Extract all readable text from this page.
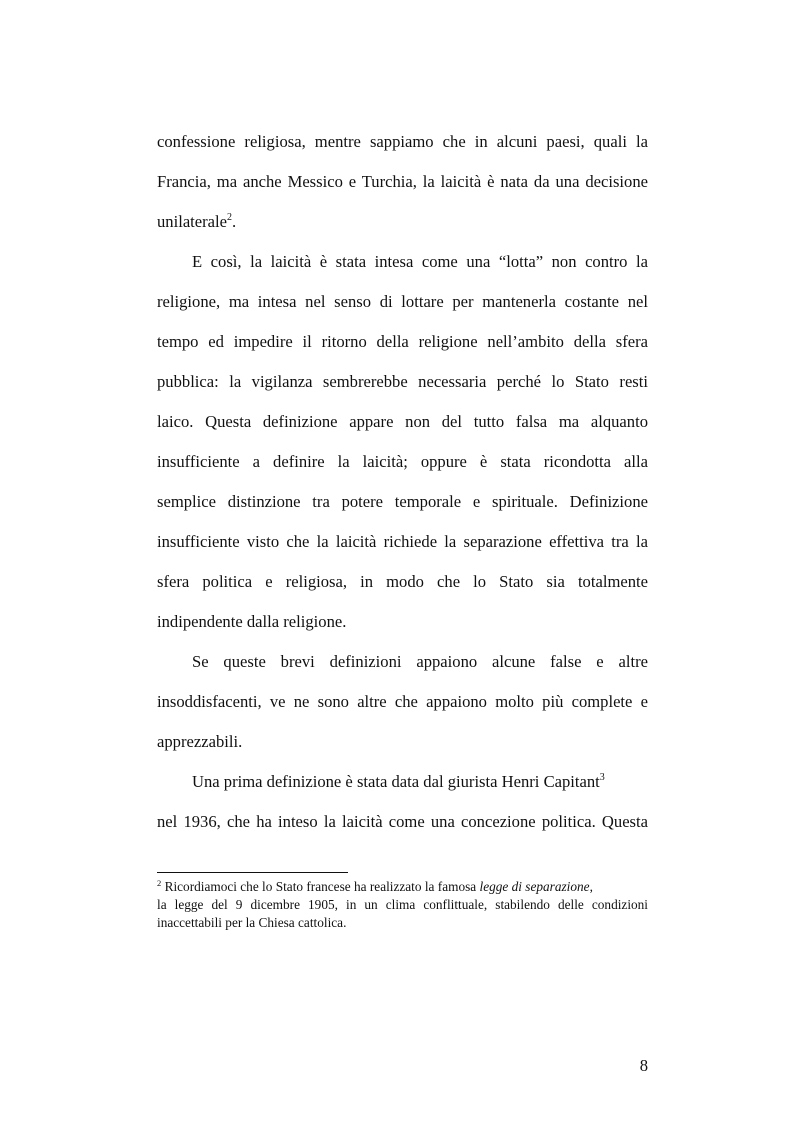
confessione religiosa, mentre sappiamo che in alcuni paesi, quali la
Francia, ma anche Messico e Turchia, la laicità è nata da una decisione
unilaterale$^2$.
E così, la laicità è stata intesa come una “lotta” non contro la
religione, ma intesa nel senso di lottare per mantenerla costante nel
tempo ed impedire il ritorno della religione nell’ambito della sfera
pubblica: la vigilanza sembrerebbe necessaria perché lo Stato resti
laico. Questa definizione appare non del tutto falsa ma alquanto
insufficiente a definire la laicità; oppure è stata ricondotta alla
semplice distinzione tra potere temporale e spirituale. Definizione
insufficiente visto che la laicità richiede la separazione effettiva tra la
sfera politica e religiosa, in modo che lo Stato sia totalmente
indipendente dalla religione.
Se queste brevi definizioni appaiono alcune false e altre
insoddisfacenti, ve ne sono altre che appaiono molto più complete e
apprezzabili.
Una prima definizione è stata data dal giurista Henri Capitant$^3$
nel 1936, che ha inteso la laicità come una concezione politica. Questa
$^2$ Ricordiamoci che lo Stato francese ha realizzato la famosa legge di separazione,
la legge del 9 dicembre 1905, in un clima conflittuale, stabilendo delle condizioni
inaccettabili per la Chiesa cattolica.
8
